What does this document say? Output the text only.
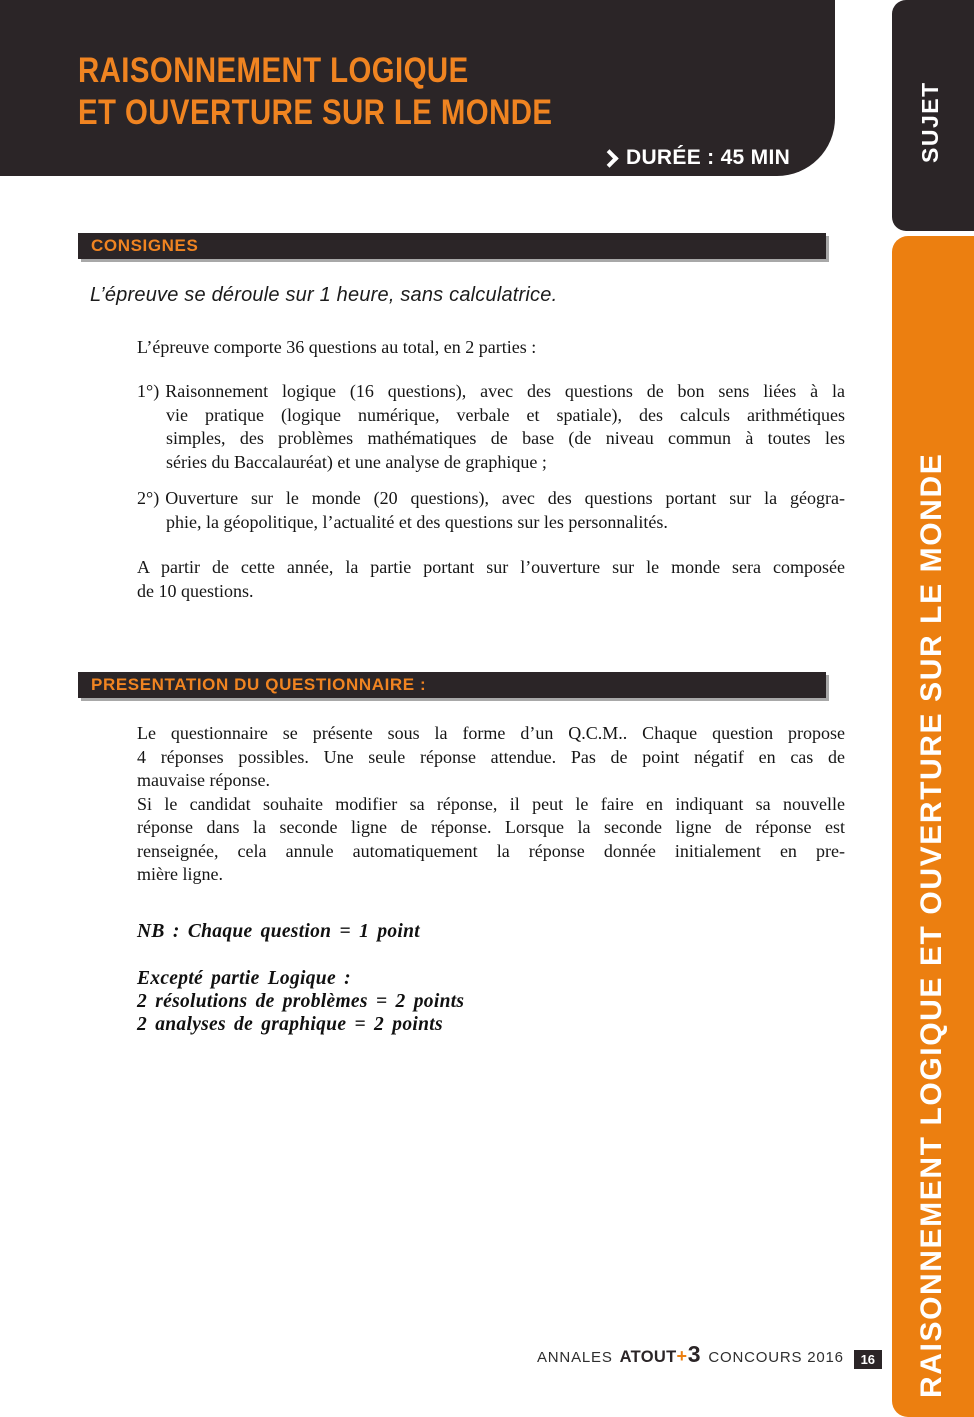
RAISONNEMENT LOGIQUE
ET OUVERTURE SUR LE MONDE
DURÉE : 45 MIN	SUJET
RAISONNEMENT LOGIQUE ET OUVERTURE SUR LE MONDE
CONSIGNES
L’épreuve se déroule sur 1 heure, sans calculatrice.
L’épreuve comporte 36 questions au total, en 2 parties :
1°) Raisonnement logique (16 questions), avec des questions de bon sens liées à la
vie pratique (logique numérique, verbale et spatiale), des calculs arithmétiques
simples, des problèmes mathématiques de base (de niveau commun à toutes les
séries du Baccalauréat) et une analyse de graphique ;
2°) Ouverture sur le monde (20 questions), avec des questions portant sur la géogra-
phie, la géopolitique, l’actualité et des questions sur les personnalités.
A partir de cette année, la partie portant sur l’ouverture sur le monde sera composée
de 10 questions.
PRESENTATION DU QUESTIONNAIRE :
Le questionnaire se présente sous la forme d’un Q.C.M.. Chaque question propose
4 réponses possibles. Une seule réponse attendue. Pas de point négatif en cas de
mauvaise réponse.
Si le candidat souhaite modifier sa réponse, il peut le faire en indiquant sa nouvelle
réponse dans la seconde ligne de réponse. Lorsque la seconde ligne de réponse est
renseignée, cela annule automatiquement la réponse donnée initialement en pre-
mière ligne.
NB : Chaque question = 1 point
Excepté partie Logique :
2 résolutions de problèmes = 2 points
2 analyses de graphique = 2 points
ANNALES ATOUT + 3 CONCOURS 2016	16
